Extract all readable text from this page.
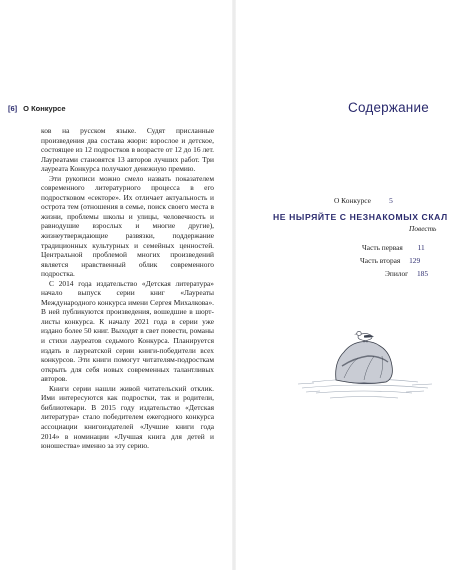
[6] О Конкурсе

ков на русском языке. Судят присланные произведения два состава жюри: взрослое и детское, состоящее из 12 подростков в возрасте от 12 до 16 лет. Лауреатами становятся 13 авторов лучших работ. Три лауреата Конкурса получают денежную премию.

Эти рукописи можно смело назвать показателем современного литературного процесса в его подростковом «секторе». Их отличает актуальность и острота тем (отношения в семье, поиск своего места в жизни, проблемы школы и улицы, человечность и равнодушие взрослых и многие другие), жизнеутверждающие развязки, поддержание традиционных культурных и семейных ценностей. Центральной проблемой многих произведений является нравственный облик современного подростка.

С 2014 года издательство «Детская литература» начало выпуск серии книг «Лауреаты Международного конкурса имени Сергея Михалкова». В ней публикуются произведения, вошедшие в шорт-листы конкурса. К началу 2021 года в серии уже издано более 50 книг. Выходят в свет повести, романы и стихи лауреатов седьмого Конкурса. Планируется издать в лауреатской серии книги-победители всех конкурсов. Эти книги помогут читателям-подросткам открыть для себя новых современных талантливых авторов.

Книги серии нашли живой читательский отклик. Ими интересуются как подростки, так и родители, библиотекари. В 2015 году издательство «Детская литература» стало победителем ежегодного конкурса ассоциации книгоиздателей «Лучшие книги года 2014» в номинации «Лучшая книга для детей и юношества» именно за эту серию.

Содержание
О Конкурсе 5
НЕ НЫРЯЙТЕ С НЕЗНАКОМЫХ СКАЛ
Повесть
Часть первая 11
Часть вторая 129
Эпилог 185
